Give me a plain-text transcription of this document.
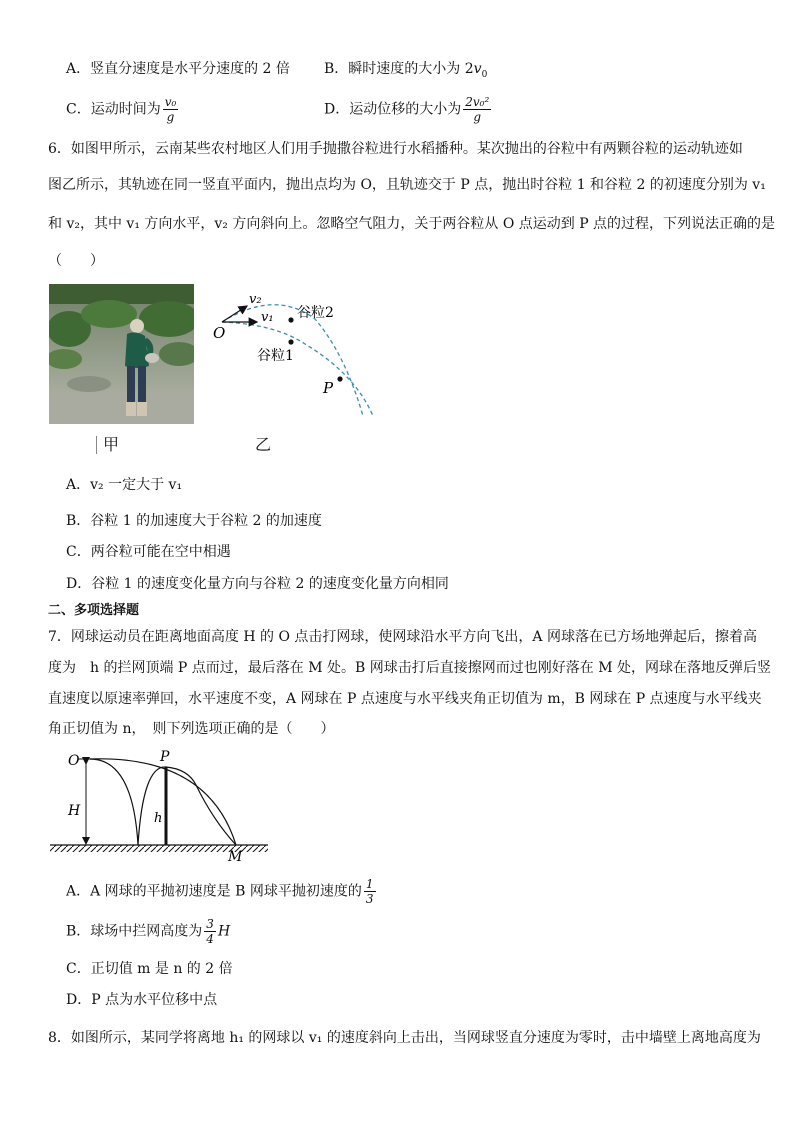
A．竖直分速度是水平分速度的 2 倍 B．瞬时速度的大小为 $2v_0$
C．运动时间为 $\frac{\text{v₀}}{g}$	D．运动位移的大小为 $\frac{\text{2v₀²}}{g}$
6．如图甲所示，云南某些农村地区人们用手抛撒谷粒进行水稻播种。某次抛出的谷粒中有两颗谷粒的运动轨迹如
图乙所示，其轨迹在同一竖直平面内，抛出点均为 O，且轨迹交于 P 点，抛出时谷粒 1 和谷粒 2 的初速度分别为 v₁
和 v₂，其中 v₁ 方向水平，v₂ 方向斜向上。忽略空气阻力，关于两谷粒从 O 点运动到 P 点的过程，下列说法正确的是
（　　）
v₂
v₁
O
谷粒2
谷粒1
P
甲	乙
A．v₂ 一定大于 v₁
B．谷粒 1 的加速度大于谷粒 2 的加速度
C．两谷粒可能在空中相遇
D．谷粒 1 的速度变化量方向与谷粒 2 的速度变化量方向相同
二、多项选择题
7．网球运动员在距离地面高度 H 的 O 点击打网球，使网球沿水平方向飞出，A 网球落在已方场地弹起后，擦着高
度为　h 的拦网顶端 P 点而过，最后落在 M 处。B 网球击打后直接擦网而过也刚好落在 M 处，网球在落地反弹后竖
直速度以原速率弹回，水平速度不变，A 网球在 P 点速度与水平线夹角正切值为 m，B 网球在 P 点速度与水平线夹
角正切值为 n，　则下列选项正确的是（　　）
O	P
H	h
M
A．A 网球的平抛初速度是 B 网球平抛初速度的 $\frac{1}{3}$
B．球场中拦网高度为 $\frac{3}{4}$ H
C．正切值 m 是 n 的 2 倍
D．P 点为水平位移中点
8．如图所示，某同学将离地 h₁ 的网球以 v₁ 的速度斜向上击出，当网球竖直分速度为零时，击中墙壁上离地高度为
